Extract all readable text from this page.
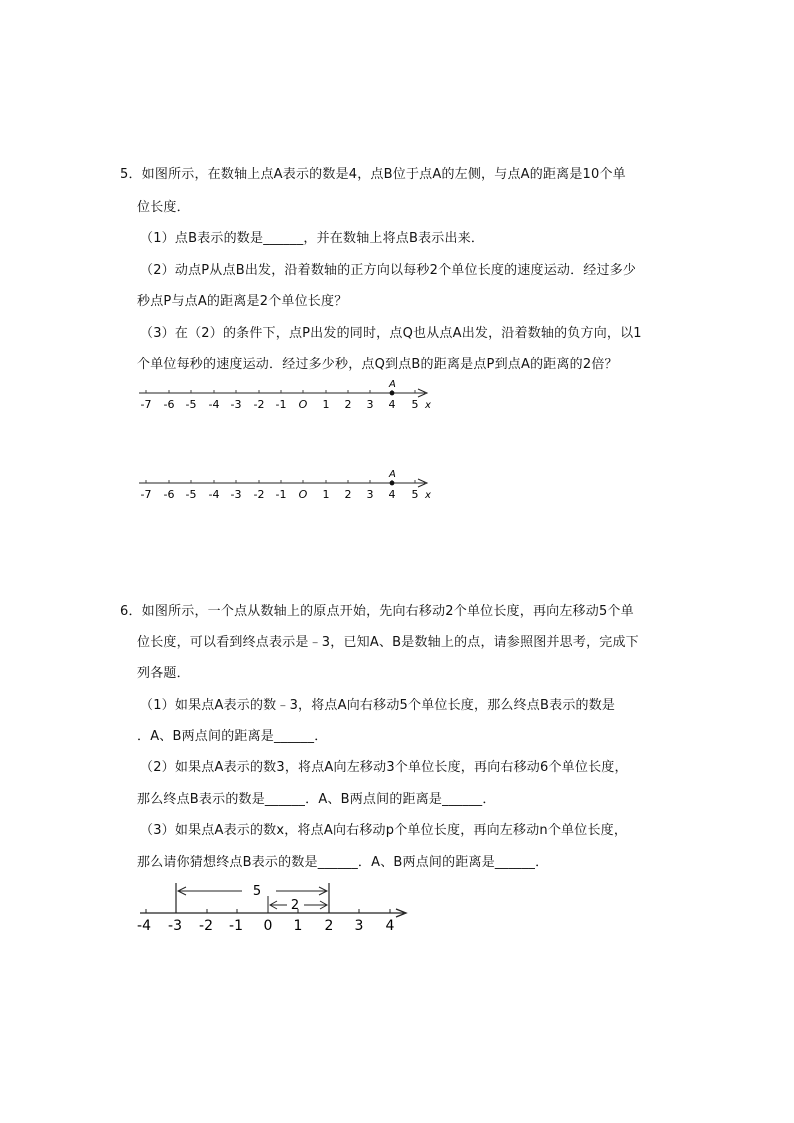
5．如图所示，在数轴上点A表示的数是4，点B位于点A的左侧，与点A的距离是10个单
位长度．
（1）点B表示的数是______，并在数轴上将点B表示出来．
（2）动点P从点B出发，沿着数轴的正方向以每秒2个单位长度的速度运动．经过多少
秒点P与点A的距离是2个单位长度？
（3）在（2）的条件下，点P出发的同时，点Q也从点A出发，沿着数轴的负方向，以1
个单位每秒的速度运动．经过多少秒，点Q到点B的距离是点P到点A的距离的2倍？
A
-7 -6 -5 -4 -3 -2 -1 O 1 2 3 4 5 x
A
-7 -6 -5 -4 -3 -2 -1 O 1 2 3 4 5 x
6．如图所示，一个点从数轴上的原点开始，先向右移动2个单位长度，再向左移动5个单
位长度，可以看到终点表示是﹣3，已知A、B是数轴上的点，请参照图并思考，完成下
列各题．
（1）如果点A表示的数﹣3，将点A向右移动5个单位长度，那么终点B表示的数是
．A、B两点间的距离是______．
（2）如果点A表示的数3，将点A向左移动3个单位长度，再向右移动6个单位长度，
那么终点B表示的数是______．A、B两点间的距离是______．
（3）如果点A表示的数x，将点A向右移动p个单位长度，再向左移动n个单位长度，
那么请你猜想终点B表示的数是______．A、B两点间的距离是______．
5
2
-4 -3 -2 -1 0 1 2 3 4
